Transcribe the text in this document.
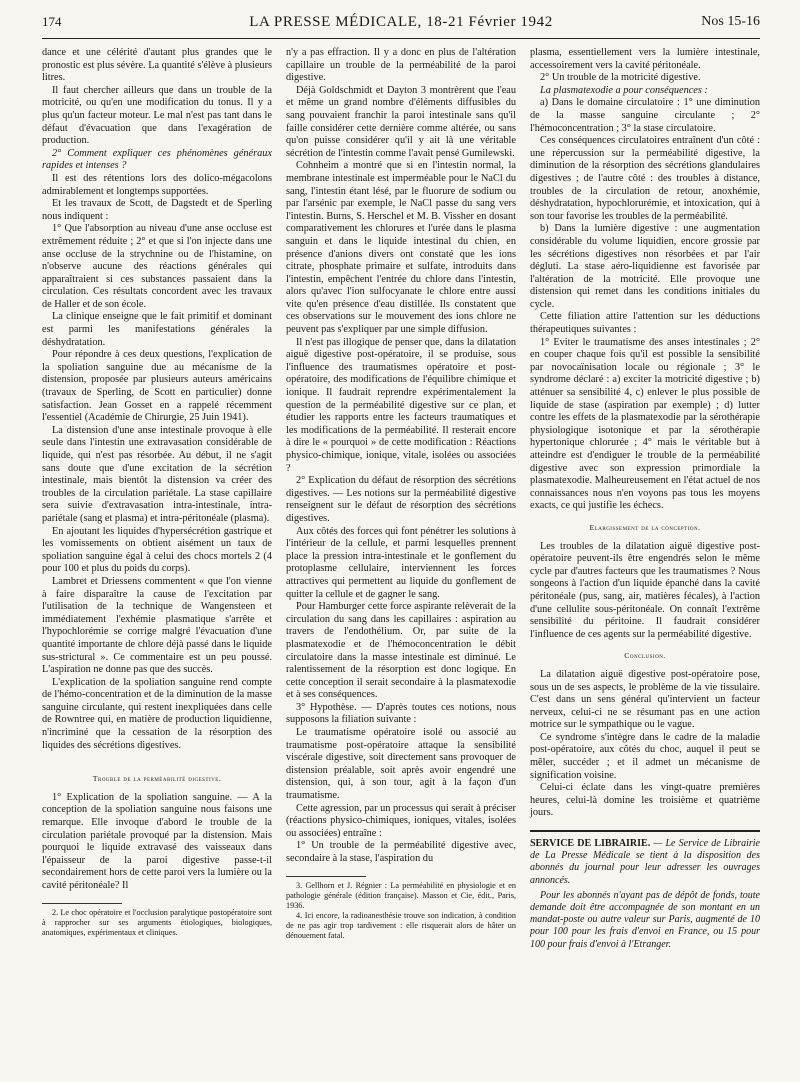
174	LA PRESSE MÉDICALE, 18-21 Février 1942	Nos 15-16

dance et une célérité d'autant plus grandes que le pronostic est plus sévère. La quantité s'élève à plusieurs litres.

Il faut chercher ailleurs que dans un trouble de la motricité, ou qu'en une modification du tonus. Il y a plus qu'un facteur moteur. Le mal n'est pas tant dans le défaut d'évacuation que dans l'exagération de production.

2° Comment expliquer ces phénomènes généraux rapides et intenses ?

Il est des rétentions lors des dolico-mégacolons admirablement et longtemps supportées.

Et les travaux de Scott, de Dagstedt et de Sperling nous indiquent :

1° Que l'absorption au niveau d'une anse occluse est extrêmement réduite ; 2° et que si l'on injecte dans une anse occluse de la strychnine ou de l'histamine, on n'observe aucune des réactions générales qui apparaîtraient si ces substances passaient dans la circulation. Ces résultats concordent avec les travaux de Haller et de son école.

La clinique enseigne que le fait primitif et dominant est parmi les manifestations générales la déshydratation.

Pour répondre à ces deux questions, l'explication de la spoliation sanguine due au mécanisme de la distension, proposée par plusieurs auteurs américains (travaux de Sperling, de Scott en particulier) donne satisfaction. Jean Gosset en a rappelé récemment l'essentiel (Académie de Chirurgie, 25 Juin 1941).

La distension d'une anse intestinale provoque à elle seule dans l'intestin une extravasation considérable de liquide, qui n'est pas résorbée. Au début, il ne s'agit sans doute que d'une excitation de la sécrétion intestinale, mais bientôt la distension va créer des troubles de la circulation pariétale. La stase capillaire sera suivie d'extravasation intra-intestinale, intra-pariétale (sang et plasma) et intra-péritonéale (plasma).

En ajoutant les liquides d'hypersécrétion gastrique et les vomissements on obtient aisément un taux de spoliation sanguine égal à celui des chocs mortels 2 (4 pour 100 et plus du poids du corps).

Lambret et Driessens commentent « que l'on vienne à faire disparaître la cause de l'excitation par l'utilisation de la technique de Wangensteen et immédiatement l'exhémie plasmatique s'arrête et l'hypochlorémie se corrige malgré l'évacuation d'une quantité importante de chlore déjà passé dans le liquide sus-strictural ». Ce commentaire est un peu poussé. L'aspiration ne donne pas que des succès.

L'explication de la spoliation sanguine rend compte de l'hémo-concentration et de la diminution de la masse sanguine circulante, qui restent inexpliquées dans celle de Rowntree qui, en matière de production liquidienne, n'incriminé que la cessation de la résorption des liquides des sécrétions digestives.

Trouble de la perméabilité digestive.

1° Explication de la spoliation sanguine. — A la conception de la spoliation sanguine nous faisons une remarque. Elle invoque d'abord le trouble de la circulation pariétale provoqué par la distension. Mais pourquoi le liquide extravasé des vaisseaux dans l'épaisseur de la paroi digestive passe-t-il secondairement hors de cette paroi vers la lumière ou la cavité péritonéale? Il

2. Le choc opératoire et l'occlusion paralytique postopératoire sont à rapprocher sur ses arguments étiologiques, biologiques, anatomiques, expérimentaux et cliniques.

n'y a pas effraction. Il y a donc en plus de l'altération capillaire un trouble de la perméabilité de la paroi digestive.

Déjà Goldschmidt et Dayton 3 montrèrent que l'eau et même un grand nombre d'éléments diffusibles du sang pouvaient franchir la paroi intestinale sans qu'il faille considérer cette dernière comme altérée, ou sans qu'on puisse considérer qu'il y ait là une véritable sécrétion de l'intestin comme l'avait pensé Gumilewski.

Cohnheim a montré que si en l'intestin normal, la membrane intestinale est imperméable pour le NaCl du sang, l'intestin étant lésé, par le fluorure de sodium ou par l'arsénic par exemple, le NaCl passe du sang vers l'intestin. Burns, S. Herschel et M. B. Vissher en dosant comparativement les chlorures et l'urée dans le plasma sanguin et dans le liquide intestinal du chien, en présence d'anions divers ont constaté que les ions citrate, phosphate primaire et sulfate, introduits dans l'intestin, empêchent l'entrée du chlore dans l'intestin, alors qu'avec l'ion sulfocyanate le chlore entre aussi vite qu'en présence d'eau distillée. Ils constatent que ces observations sur le mouvement des ions chlore ne peuvent pas s'expliquer par une simple diffusion.

Il n'est pas illogique de penser que, dans la dilatation aiguë digestive post-opératoire, il se produise, sous l'influence des traumatismes opératoire et post-opératoire, des modifications de l'équilibre chimique et ionique. Il faudrait reprendre expérimentalement la question de la perméabilité digestive sur ce plan, et étudier les rapports entre les facteurs traumatiques et les modifications de la perméabilité. Il resterait encore à dire le « pourquoi » de cette modification : Réactions physico-chimique, ionique, vitale, isolées ou associées ?

2° Explication du défaut de résorption des sécrétions digestives. — Les notions sur la perméabilité digestive renseignent sur le défaut de résorption des sécrétions digestives.

Aux côtés des forces qui font pénétrer les solutions à l'intérieur de la cellule, et parmi lesquelles prennent place la pression intra-intestinale et le gonflement du protoplasme cellulaire, interviennent les forces attractives qui permettent au liquide du gonflement de quitter la cellule et de gagner le sang.

Pour Hamburger cette force aspirante relèverait de la circulation du sang dans les capillaires : aspiration au travers de l'endothélium. Or, par suite de la plasmatexodie et de l'hémoconcentration le débit circulatoire dans la masse intestinale est diminué. Le ralentissement de la résorption est donc logique. En cette conception il serait secondaire à la plasmatexodie et à ses conséquences.

3° Hypothèse. — D'après toutes ces notions, nous supposons la filiation suivante :

Le traumatisme opératoire isolé ou associé au traumatisme post-opératoire attaque la sensibilité viscérale digestive, soit directement sans provoquer de distension préalable, soit après avoir engendré une distension, qui, à son tour, agit à la façon d'un traumatisme.

Cette agression, par un processus qui serait à préciser (réactions physico-chimiques, ioniques, vitales, isolées ou associées) entraîne :

1° Un trouble de la perméabilité digestive avec, secondaire à la stase, l'aspiration du

3. Gellhorn et J. Régnier : La perméabilité en physiologie et en pathologie générale (édition française). Masson et Cie, édit., Paris, 1936.

4. Ici encore, la radioanesthésie trouve son indication, à condition de ne pas agir trop tardivement : elle risquerait alors de hâter un dénouement fatal.

plasma, essentiellement vers la lumière intestinale, accessoirement vers la cavité péritonéale.

2° Un trouble de la motricité digestive.

La plasmatexodie a pour conséquences :

a) Dans le domaine circulatoire : 1° une diminution de la masse sanguine circulante ; 2° l'hémoconcentration ; 3° la stase circulatoire.

Ces conséquences circulatoires entraînent d'un côté : une répercussion sur la perméabilité digestive, la diminution de la résorption des sécrétions glandulaires digestives ; de l'autre côté : des troubles à distance, troubles de la circulation de retour, anoxhémie, déshydratation, hypochlorurémie, et intoxication, qui à son tour favorise les troubles de la perméabilité.

b) Dans la lumière digestive : une augmentation considérable du volume liquidien, encore grossie par les sécrétions digestives non résorbées et par l'air dégluti. La stase aéro-liquidienne est favorisée par l'altération de la motricité. Elle provoque une distension qui remet dans les conditions initiales du cycle.

Cette filiation attire l'attention sur les déductions thérapeutiques suivantes :

1° Eviter le traumatisme des anses intestinales ; 2° en couper chaque fois qu'il est possible la sensibilité par novocaïnisation locale ou régionale ; 3° le syndrome déclaré : a) exciter la motricité digestive ; b) atténuer sa sensibilité 4, c) enlever le plus possible de liquide de stase (aspiration par exemple) ; d) lutter contre les effets de la plasmatexodie par la sérothérapie physiologique isotonique et par la sérothérapie hypertonique chlorurée ; 4° mais le véritable but à atteindre est d'endiguer le trouble de la perméabilité digestive avec son expression primordiale la plasmatexodie. Malheureusement en l'état actuel de nos connaissances nous n'en voyons pas tous les moyens exacts, ce qui justifie les échecs.

Elargissement de la conception.

Les troubles de la dilatation aiguë digestive post-opératoire peuvent-ils être engendrés selon le même cycle par d'autres facteurs que les traumatismes ? Nous songeons à l'action d'un liquide épanché dans la cavité péritonéale (pus, sang, air, matières fécales), à l'action d'une cellulite sous-péritonéale. On connaît l'extrême sensibilité du péritoine. Il faudrait considérer l'influence de ces agents sur la perméabilité digestive.

Conclusion.

La dilatation aiguë digestive post-opératoire pose, sous un de ses aspects, le problème de la vie tissulaire. C'est dans un sens général qu'intervient un facteur nerveux, celui-ci ne se résumant pas en une action motrice sur le sympathique ou le vague.

Ce syndrome s'intègre dans le cadre de la maladie post-opératoire, aux côtés du choc, auquel il peut se mêler, succéder ; et il admet un mécanisme de signification voisine.

Celui-ci éclate dans les vingt-quatre premières heures, celui-là domine les troisième et quatrième jours.

SERVICE DE LIBRAIRIE. — Le Service de Librairie de La Presse Médicale se tient à la disposition des abonnés du journal pour leur adresser les ouvrages annoncés.

Pour les abonnés n'ayant pas de dépôt de fonds, toute demande doit être accompagnée de son montant en un mandat-poste ou autre valeur sur Paris, augmenté de 10 pour 100 pour les frais d'envoi en France, ou 15 pour 100 pour frais d'envoi à l'Etranger.
